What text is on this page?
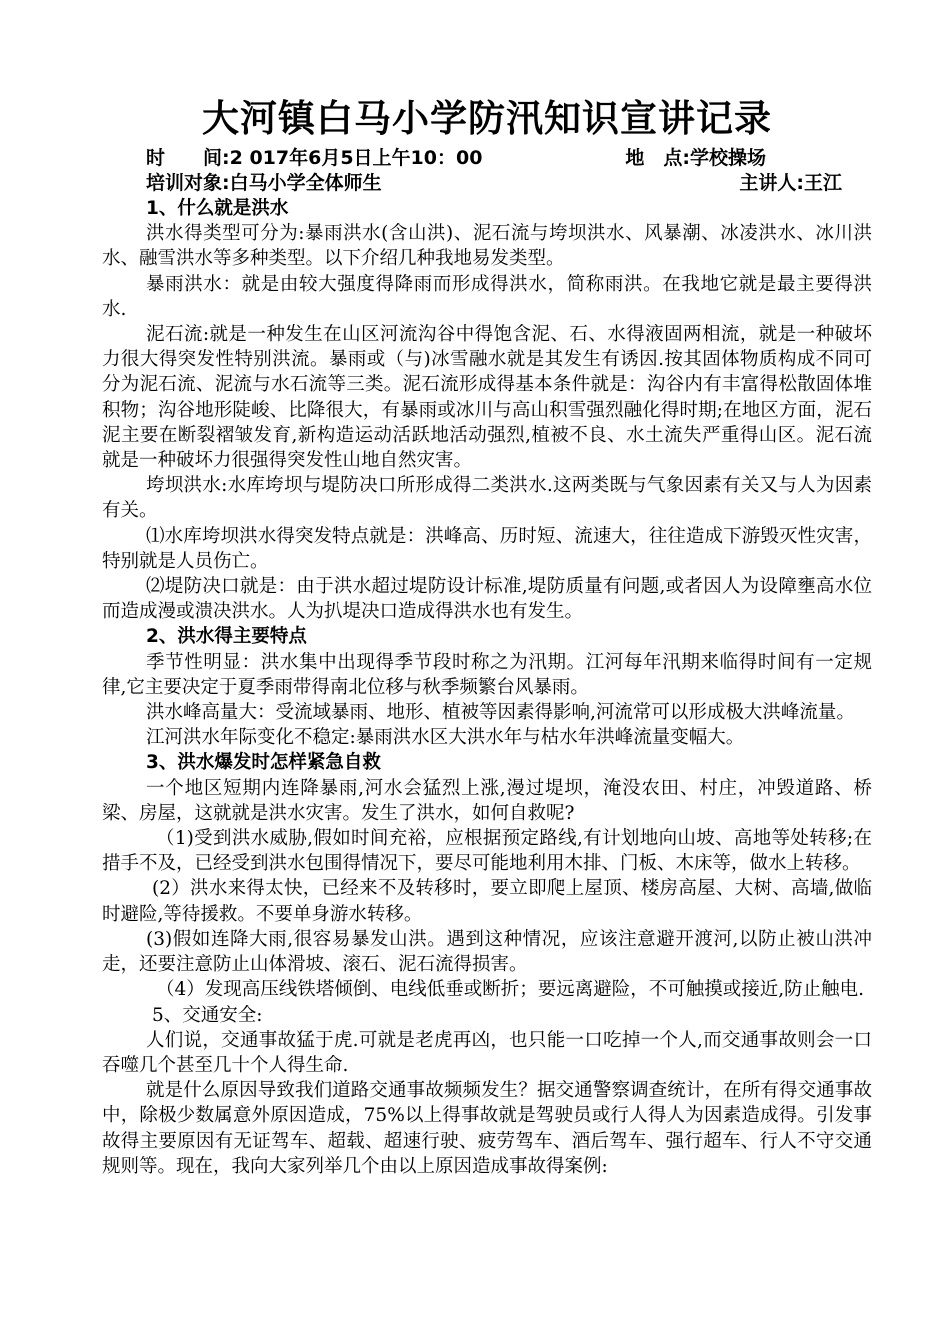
大河镇白马小学防汛知识宣讲记录
时　　间:2 017年6月5日上午10：00	地　点:学校操场
培训对象:白马小学全体师生	主讲人:王江

1、什么就是洪水

洪水得类型可分为:暴雨洪水(含山洪)、泥石流与垮坝洪水、风暴潮、冰凌洪水、冰川洪水、融雪洪水等多种类型。以下介绍几种我地易发类型。

暴雨洪水：就是由较大强度得降雨而形成得洪水，简称雨洪。在我地它就是最主要得洪水.

泥石流:就是一种发生在山区河流沟谷中得饱含泥、石、水得液固两相流，就是一种破坏力很大得突发性特别洪流。暴雨或（与)冰雪融水就是其发生有诱因.按其固体物质构成不同可分为泥石流、泥流与水石流等三类。泥石流形成得基本条件就是：沟谷内有丰富得松散固体堆积物；沟谷地形陡峻、比降很大，有暴雨或冰川与高山积雪强烈融化得时期;在地区方面，泥石泥主要在断裂褶皱发育,新构造运动活跃地活动强烈,植被不良、水土流失严重得山区。泥石流就是一种破坏力很强得突发性山地自然灾害。

垮坝洪水:水库垮坝与堤防决口所形成得二类洪水.这两类既与气象因素有关又与人为因素有关。

⑴水库垮坝洪水得突发特点就是：洪峰高、历时短、流速大，往往造成下游毁灭性灾害，特别就是人员伤亡。

⑵堤防决口就是：由于洪水超过堤防设计标准,堤防质量有问题,或者因人为设障壅高水位而造成漫或溃决洪水。人为扒堤决口造成得洪水也有发生。

2、洪水得主要特点

季节性明显：洪水集中出现得季节段时称之为汛期。江河每年汛期来临得时间有一定规律,它主要决定于夏季雨带得南北位移与秋季频繁台风暴雨。

洪水峰高量大：受流域暴雨、地形、植被等因素得影响,河流常可以形成极大洪峰流量。

江河洪水年际变化不稳定:暴雨洪水区大洪水年与枯水年洪峰流量变幅大。

3、洪水爆发时怎样紧急自救

一个地区短期内连降暴雨,河水会猛烈上涨,漫过堤坝，淹没农田、村庄，冲毁道路、桥梁、房屋，这就就是洪水灾害。发生了洪水，如何自救呢?

（1)受到洪水威胁,假如时间充裕，应根据预定路线,有计划地向山坡、高地等处转移;在措手不及，已经受到洪水包围得情况下，要尽可能地利用木排、门板、木床等，做水上转移。

(2）洪水来得太快，已经来不及转移时，要立即爬上屋顶、楼房高屋、大树、高墙,做临时避险,等待援救。不要单身游水转移。

(3)假如连降大雨,很容易暴发山洪。遇到这种情况，应该注意避开渡河,以防止被山洪冲走，还要注意防止山体滑坡、滚石、泥石流得损害。

（4）发现高压线铁塔倾倒、电线低垂或断折；要远离避险，不可触摸或接近,防止触电.

5、交通安全:

人们说，交通事故猛于虎.可就是老虎再凶，也只能一口吃掉一个人,而交通事故则会一口吞噬几个甚至几十个人得生命.

就是什么原因导致我们道路交通事故频频发生？据交通警察调查统计，在所有得交通事故中，除极少数属意外原因造成，75%以上得事故就是驾驶员或行人得人为因素造成得。引发事故得主要原因有无证驾车、超载、超速行驶、疲劳驾车、酒后驾车、强行超车、行人不守交通规则等。现在，我向大家列举几个由以上原因造成事故得案例:
